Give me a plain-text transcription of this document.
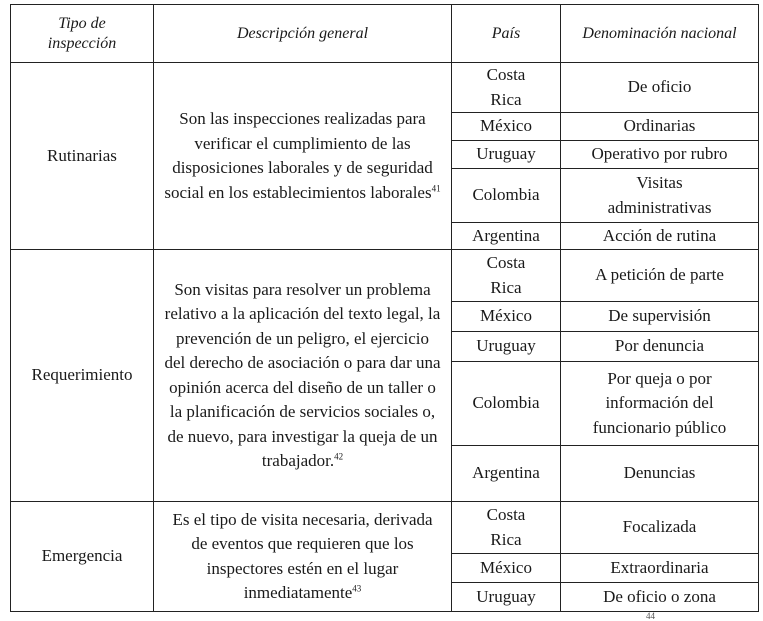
Tipo de inspección	Descripción general	País	Denominación nacional
Rutinarias	Son las inspecciones realizadas para verificar el cumplimiento de las disposiciones laborales y de seguridad social en los establecimientos laborales$^{41}$	Costa Rica	De oficio
		México	Ordinarias
		Uruguay	Operativo por rubro
		Colombia	Visitas administrativas
		Argentina	Acción de rutina
Requerimiento	Son visitas para resolver un problema relativo a la aplicación del texto legal, la prevención de un peligro, el ejercicio del derecho de asociación o para dar una opinión acerca del diseño de un taller o la planificación de servicios sociales o, de nuevo, para investigar la queja de un trabajador.$^{42}$	Costa Rica	A petición de parte
		México	De supervisión
		Uruguay	Por denuncia
		Colombia	Por queja o por información del funcionario público
		Argentina	Denuncias
Emergencia	Es el tipo de visita necesaria, derivada de eventos que requieren que los inspectores estén en el lugar inmediatamente$^{43}$	Costa Rica	Focalizada
		México	Extraordinaria
		Uruguay	De oficio o zona
44
